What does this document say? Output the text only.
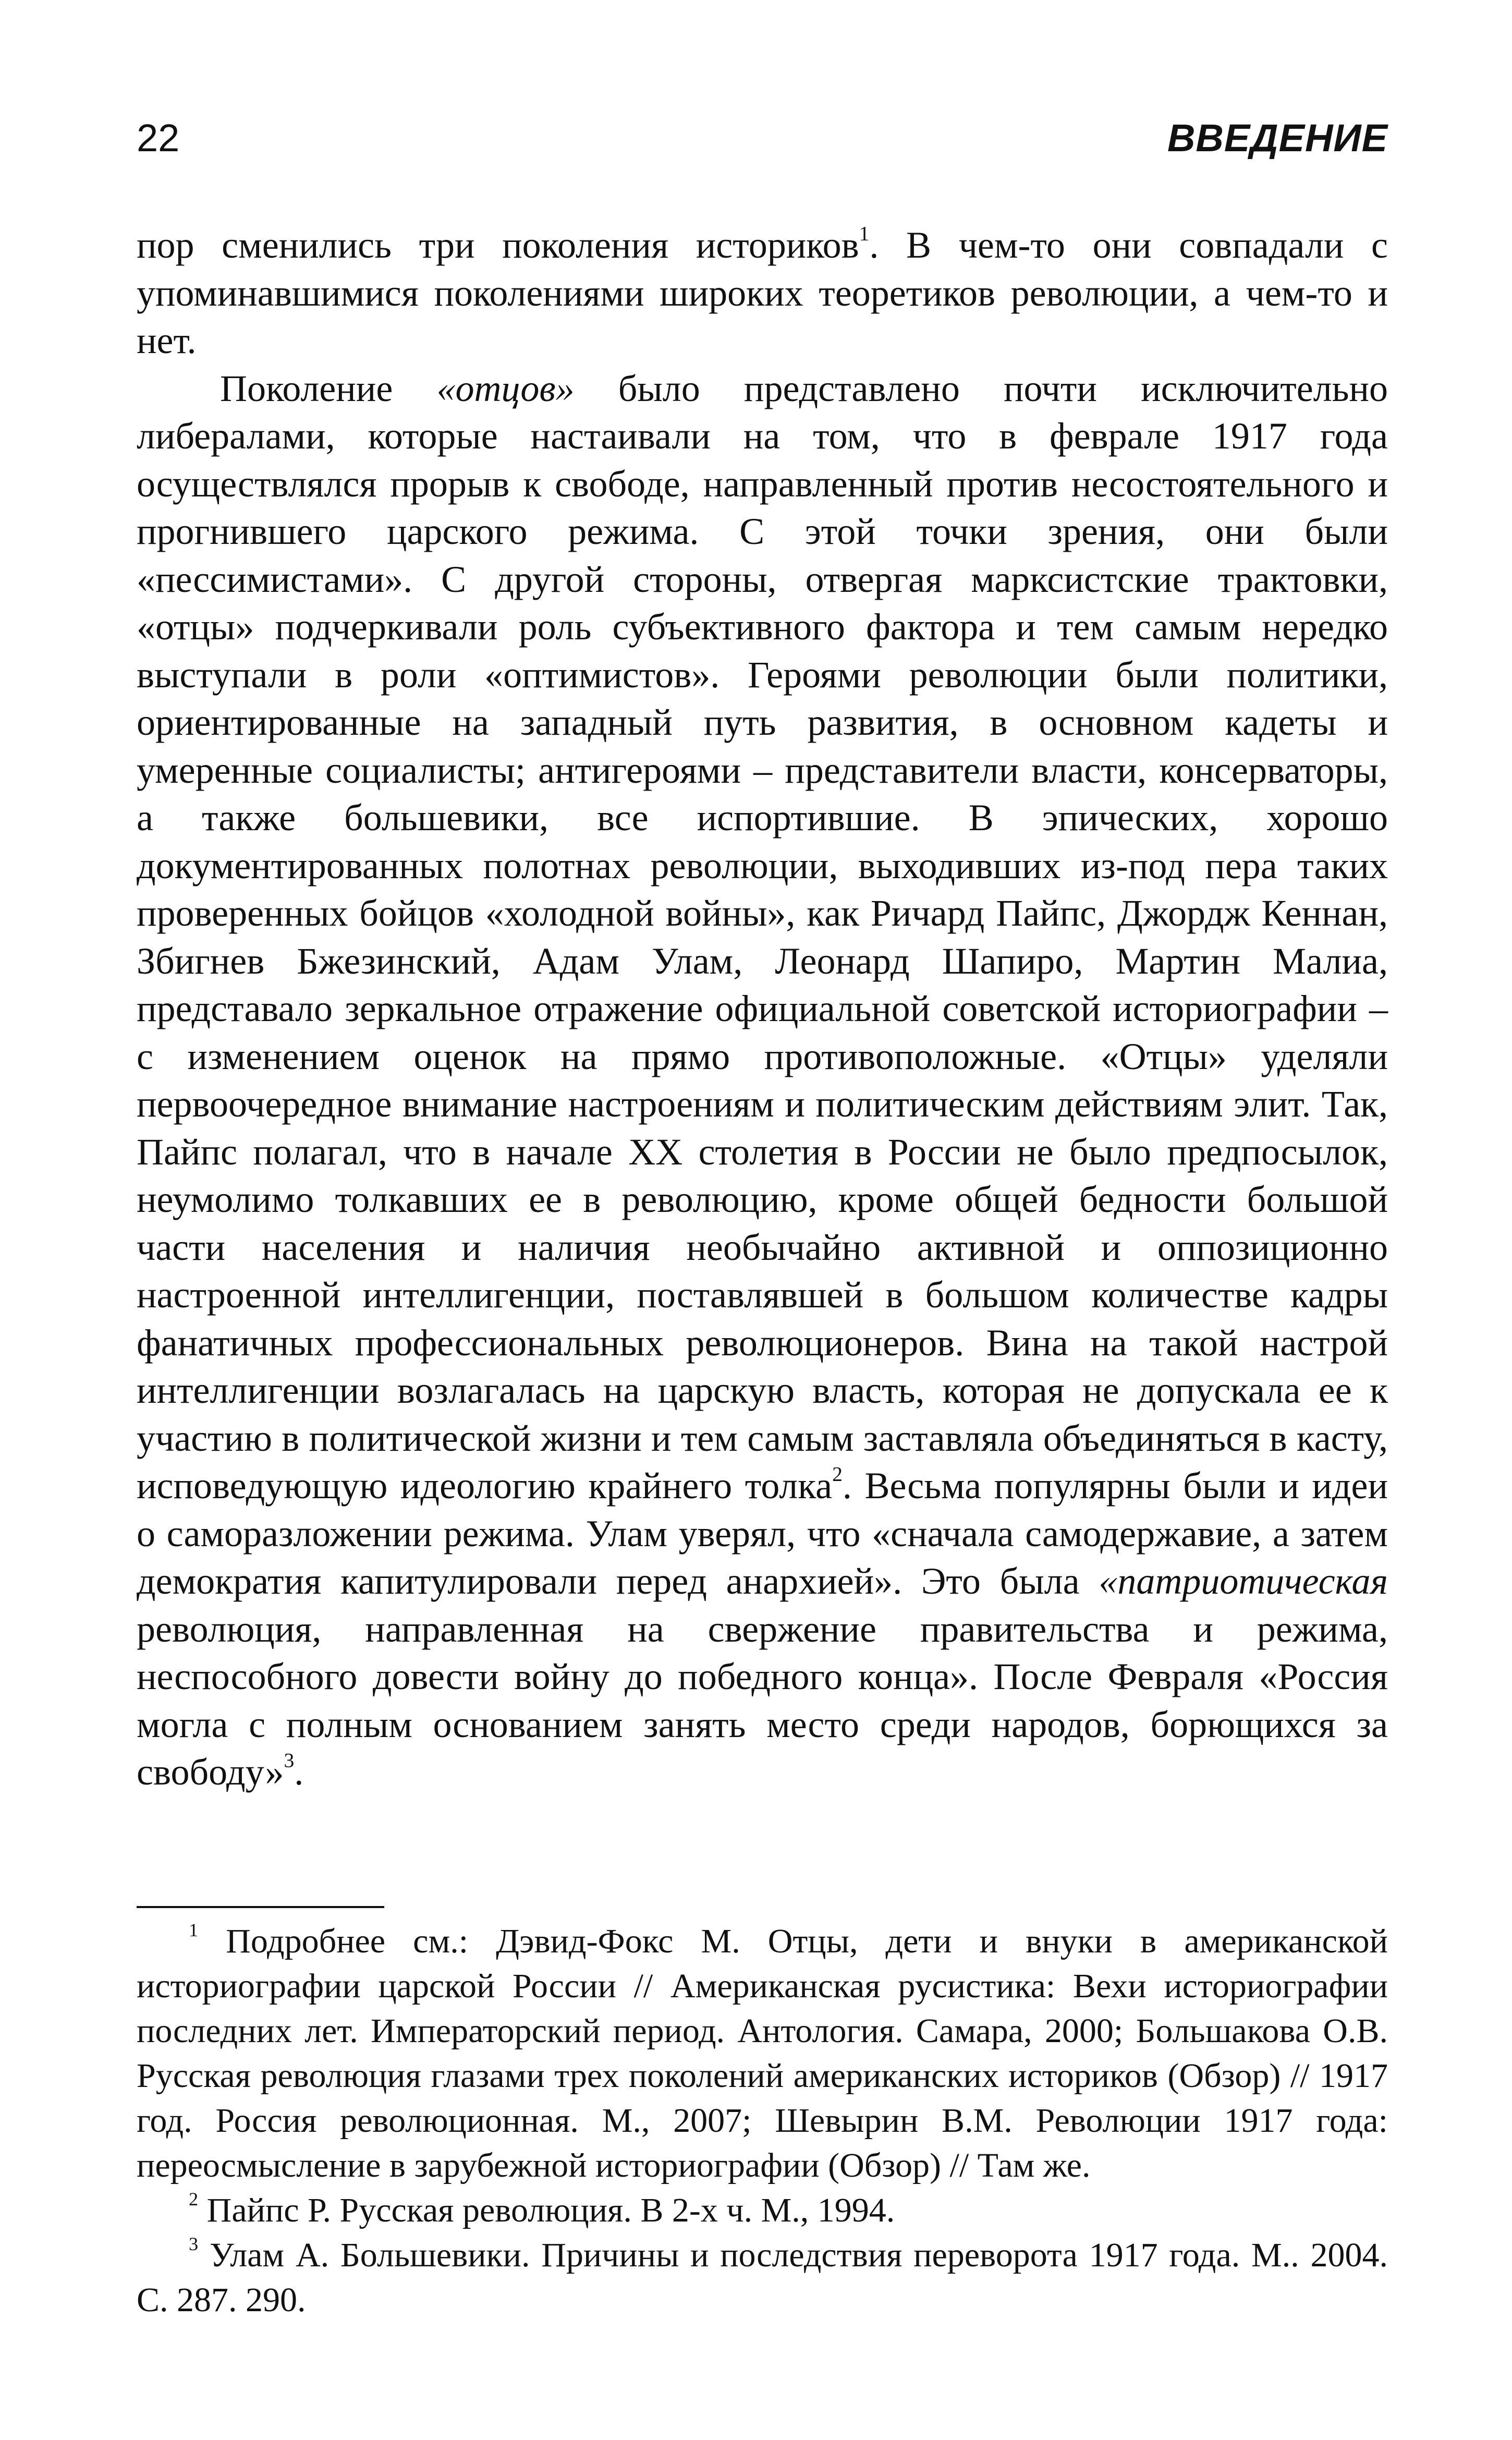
22	ВВЕДЕНИЕ

пор сменились три поколения историков$^1$. В чем-то они совпадали с упоминавшимися поколениями широких теоретиков революции, а чем-то и нет.

Поколение «отцов» было представлено почти исключительно либералами, которые настаивали на том, что в феврале 1917 года осуществлялся прорыв к свободе, направленный против несостоятельного и прогнившего царского режима. С этой точки зрения, они были «пессимистами». С другой стороны, отвергая марксистские трактовки, «отцы» подчеркивали роль субъективного фактора и тем самым нередко выступали в роли «оптимистов». Героями революции были политики, ориентированные на западный путь развития, в основном кадеты и умеренные социалисты; антигероями – представители власти, консерваторы, а также большевики, все испортившие. В эпических, хорошо документированных полотнах революции, выходивших из-под пера таких проверенных бойцов «холодной войны», как Ричард Пайпс, Джордж Кеннан, Збигнев Бжезинский, Адам Улам, Леонард Шапиро, Мартин Малиа, представало зеркальное отражение официальной советской историографии – с изменением оценок на прямо противоположные. «Отцы» уделяли первоочередное внимание настроениям и политическим действиям элит. Так, Пайпс полагал, что в начале XX столетия в России не было предпосылок, неумолимо толкавших ее в революцию, кроме общей бедности большой части населения и наличия необычайно активной и оппозиционно настроенной интеллигенции, поставлявшей в большом количестве кадры фанатичных профессиональных революционеров. Вина на такой настрой интеллигенции возлагалась на царскую власть, которая не допускала ее к участию в политической жизни и тем самым заставляла объединяться в касту, исповедующую идеологию крайнего толка$^2$. Весьма популярны были и идеи о саморазложении режима. Улам уверял, что «сначала самодержавие, а затем демократия капитулировали перед анархией». Это была «патриотическая революция, направленная на свержение правительства и режима, неспособного довести войну до победного конца». После Февраля «Россия могла с полным основанием занять место среди народов, борющихся за свободу»$^3$.

$^1$ Подробнее см.: Дэвид-Фокс М. Отцы, дети и внуки в американской историографии царской России // Американская русистика: Вехи историографии последних лет. Императорский период. Антология. Самара, 2000; Большакова О.В. Русская революция глазами трех поколений американских историков (Обзор) // 1917 год. Россия революционная. М., 2007; Шевырин В.М. Революции 1917 года: переосмысление в зарубежной историографии (Обзор) // Там же.

$^2$ Пайпс Р. Русская революция. В 2-х ч. М., 1994.

$^3$ Улам А. Большевики. Причины и последствия переворота 1917 года. М.. 2004. С. 287. 290.
